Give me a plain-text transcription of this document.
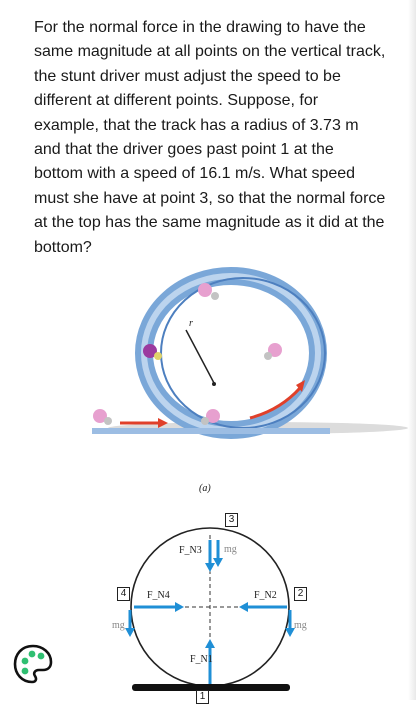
For the normal force in the drawing to have the same magnitude at all points on the vertical track, the stunt driver must adjust the speed to be different at different points. Suppose, for example, that the track has a radius of 3.73 m and that the driver goes past point 1 at the bottom with a speed of 16.1 m/s. What speed must she have at point 3, so that the normal force at the top has the same magnitude as it did at the bottom?

r
(a)
3
4	2
1
F_N3 mg
F_N4
mg
F_N2
mg
F_N1
